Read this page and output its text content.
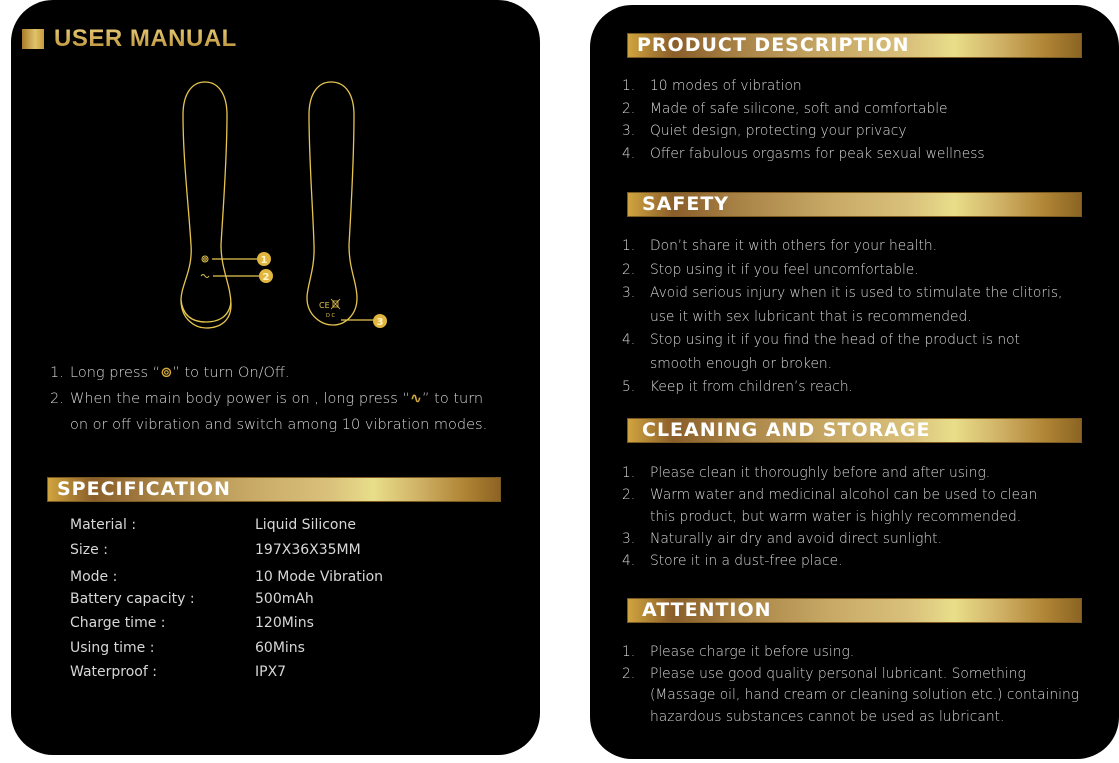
USER MANUAL
1
2
3
CE
D C
1. Long press “⊚” to turn On/Off.
2. When the main body power is on , long press “∿” to turn on or off vibration and switch among 10 vibration modes.
SPECIFICATION
Material :	Liquid Silicone
Size :	197X36X35MM
Mode :	10 Mode Vibration
Battery capacity :	500mAh
Charge time :	120Mins
Using time :	60Mins
Waterproof :	IPX7
PRODUCT DESCRIPTION
1.	10 modes of vibration
2.	Made of safe silicone, soft and comfortable
3.	Quiet design, protecting your privacy
4.	Offer fabulous orgasms for peak sexual wellness
SAFETY
1.	Don’t share it with others for your health.
2.	Stop using it if you feel uncomfortable.
3.	Avoid serious injury when it is used to stimulate the clitoris, use it with sex lubricant that is recommended.
4.	Stop using it if you find the head of the product is not smooth enough or broken.
5.	Keep it from children’s reach.
CLEANING AND STORAGE
1.	Please clean it thoroughly before and after using.
2.	Warm water and medicinal alcohol can be used to clean this product, but warm water is highly recommended.
3.	Naturally air dry and avoid direct sunlight.
4.	Store it in a dust-free place.
ATTENTION
1.	Please charge it before using.
2.	Please use good quality personal lubricant. Something (Massage oil, hand cream or cleaning solution etc.) containing hazardous substances cannot be used as lubricant.
